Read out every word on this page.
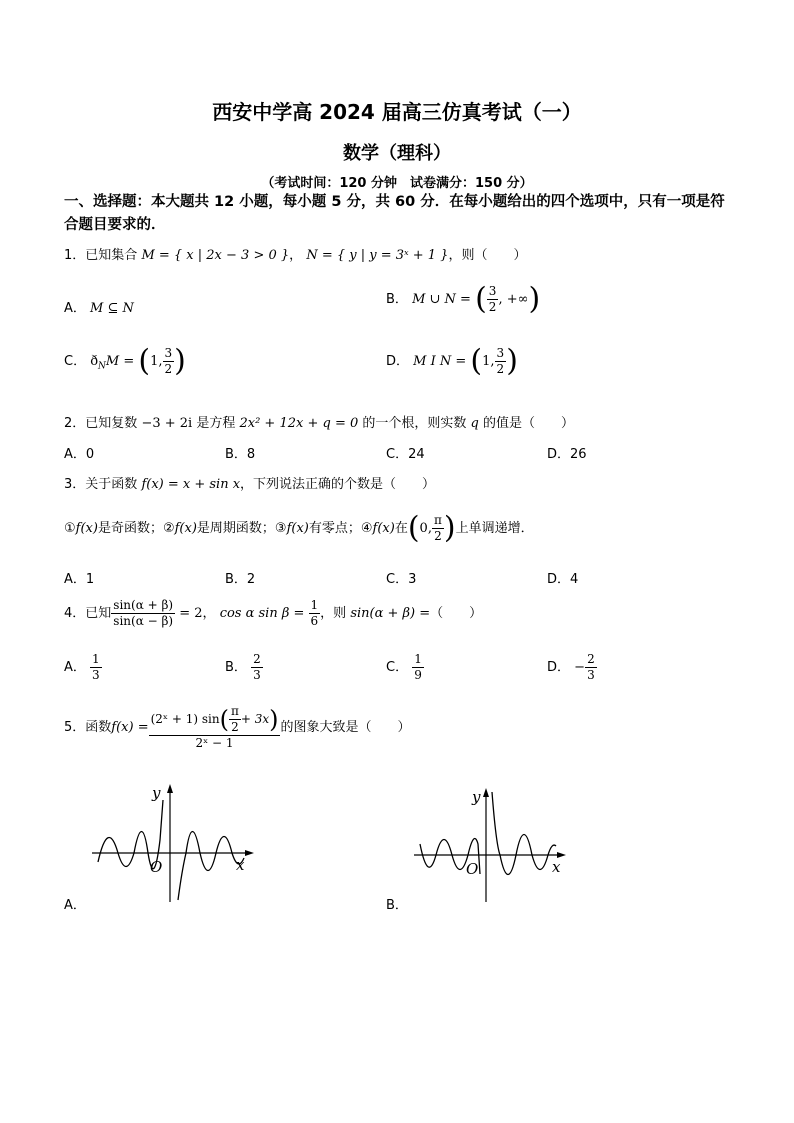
西安中学高 2024 届高三仿真考试（一）
数学（理科）
（考试时间：120 分钟　试卷满分：150 分）
一、选择题：本大题共 12 小题，每小题 5 分，共 60 分．在每小题给出的四个选项中，只有一项是符合题目要求的．
1．已知集合 M = { x | 2x − 3 > 0 }， N = { y | y = 3ˣ + 1 }，则（　　）
A． M ⊆ N
B． M ∪ N = ( $\frac{3}{2}$ , +∞)
C． $ð_NM = (1$, $\frac{3}{2}$ )	D． M I N = (1, $\frac{3}{2}$ )
2．已知复数 −3 + 2i 是方程 2x² + 12x + q = 0 的一个根，则实数 q 的值是（　　）
A．0	B．8	C．24	D．26
3．关于函数 f(x) = x + sin x，下列说法正确的个数是（　　）
①f(x)是奇函数；②f(x)是周期函数；③f(x)有零点；④f(x)在(0, $\frac{\pi}{2}$ )上单调递增．
A．1	B．2	C．3	D．4
4．已知 $\frac{\sin(\alpha + \beta)}{\sin(\alpha - \beta)} = 2$， cos α $\sin \beta = \frac{1}{6}$ ，则 sin(α + β) =（　　）
A． $\frac{1}{3}$	B． $\frac{2}{3}$	C． $\frac{1}{9}$	D． − $\frac{2}{3}$
5．函数$f(x) = \frac{(2ˣ + 1) \sin( \frac{\pi}{2} + 3x)}{\text{2ˣ − 1}}$ 的图象大致是（　　）
y
x
O
A．
y
x
O
B．
